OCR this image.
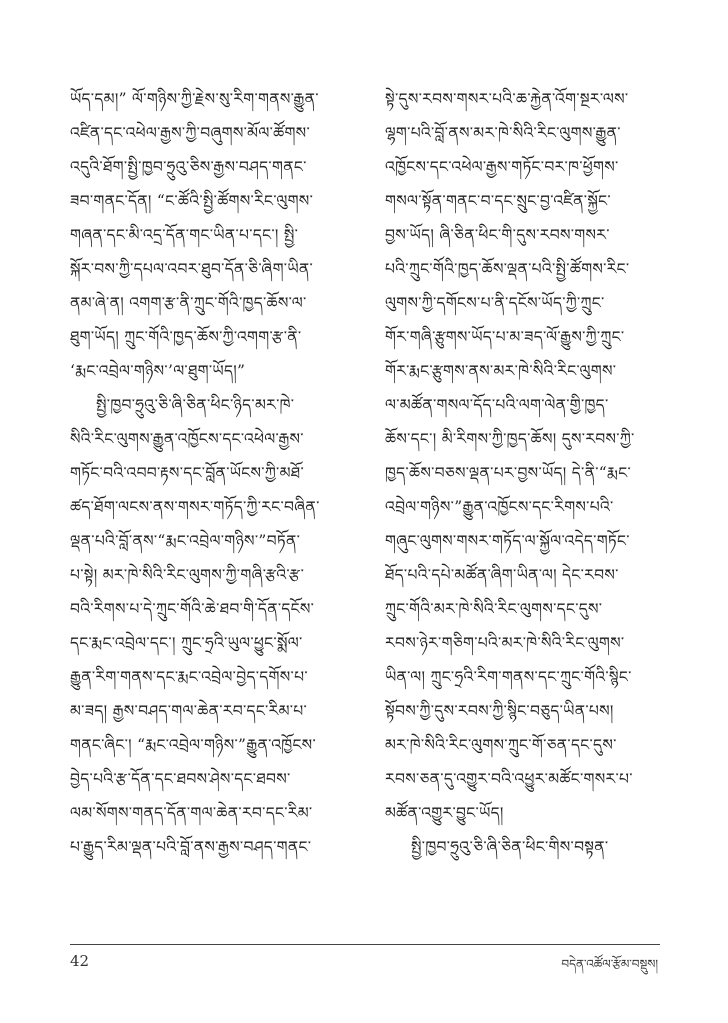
ཡོད་དམ།” ལོ་གཉིས་ཀྱི་རྗེས་སུ་རིག་གནས་རྒྱུན་
འཛིན་དང་འཕེལ་རྒྱས་ཀྱི་བཞུགས་མོལ་ཚོགས་
འདུའི་ཐོག་སྤྱི་ཁྱབ་ཧྲུའུ་ཅིས་རྒྱས་བཤད་གནང་
ཟབ་གནང་དོན། “ང་ཚོའི་སྤྱི་ཚོགས་རིང་ལུགས་
གཞན་དང་མི་འདྲ་དོན་གང་ཡིན་པ་དང་། སྤྱི་
སྐོར་བས་ཀྱི་དཔལ་འབར་ཐུབ་དོན་ཅི་ཞིག་ཡིན་
ནམ་ཞེ་ན། འགག་རྩ་ནི་ཀྲུང་གོའི་ཁྱད་ཆོས་ལ་
ཐུག་ཡོད། ཀྲུང་གོའི་ཁྱད་ཆོས་ཀྱི་འགག་རྩ་ནི་
‘རྨང་འབྲེལ་གཉིས་’ལ་ཐུག་ཡོད།”
སྤྱི་ཁྱབ་ཧྲུའུ་ཅི་ཞི་ཅིན་ཕིང་ཉིད་མར་ཁེ་
སིའི་རིང་ལུགས་རྒྱུན་འཁྱོངས་དང་འཕེལ་རྒྱས་
གཏོང་བའི་འབབ་རྟས་དང་བློན་ཡོངས་ཀྱི་མཐོ་
ཚད་ཐོག་ལངས་ནས་གསར་གཏོད་ཀྱི་རང་བཞིན་
ལྡན་པའི་བློ་ནས་“རྨང་འབྲེལ་གཉིས་”བཏོན་
པ་སྟེ། མར་ཁེ་སིའི་རིང་ལུགས་ཀྱི་གཞི་རྩའི་རྩ་
བའི་རིགས་པ་དེ་ཀྲུང་གོའི་ཆེ་ཐབ་གི་དོན་དངོས་
དང་རྨང་འབྲེལ་དང་། ཀྲུང་ཧྲའི་ཡུལ་ཕྱུང་སྨོལ་
རྒྱུན་རིག་གནས་དང་རྨང་འབྲེལ་བྱེད་དགོས་པ་
མ་ཟད། རྒྱས་བཤད་གལ་ཆེན་རབ་དང་རིམ་པ་
གནང་ཞིང་། “རྨང་འབྲེལ་གཉིས་”རྒྱུན་འཁྱོངས་
བྱེད་པའི་རྩ་དོན་དང་ཐབས་ཤེས་དང་ཐབས་
ལམ་སོགས་གནད་དོན་གལ་ཆེན་རབ་དང་རིམ་
པ་རྒྱུད་རིམ་ལྡན་པའི་བློ་ནས་རྒྱས་བཤད་གནང་
སྟེ་དུས་རབས་གསར་པའི་ཆ་རྐྱེན་འོག་སྔར་ལས་
ལྷག་པའི་བློ་ནས་མར་ཁེ་སིའི་རིང་ལུགས་རྒྱུན་
འཁྱོངས་དང་འཕེལ་རྒྱས་གཏོང་བར་ཁ་ཕྱོགས་
གསལ་སྟོན་གནང་བ་དང་སྲུང་བྱ་འཛིན་སྐྱོང་
བྱས་ཡོད། ཞི་ཅིན་ཕིང་གི་དུས་རབས་གསར་
པའི་ཀྲུང་གོའི་ཁྱད་ཆོས་ལྡན་པའི་སྤྱི་ཚོགས་རིང་
ལུགས་ཀྱི་དགོངས་པ་ནི་དངོས་ཡོད་ཀྱི་ཀྲུང་
གོར་གཞི་རྩུགས་ཡོད་པ་མ་ཟད་ལོ་རྒྱུས་ཀྱི་ཀྲུང་
གོར་རྨང་རྩུགས་ནས་མར་ཁེ་སིའི་རིང་ལུགས་
ལ་མཚོན་གསལ་དོད་པའི་ལག་ལེན་གྱི་ཁྱད་
ཆོས་དང་། མི་རིགས་ཀྱི་ཁྱད་ཆོས། དུས་རབས་ཀྱི་
ཁྱད་ཆོས་བཅས་ལྡན་པར་བྱས་ཡོད། དེ་ནི་“རྨང་
འབྲེལ་གཉིས་”རྒྱུན་འཁྱོངས་དང་རིགས་པའི་
གཞུང་ལུགས་གསར་གཏོད་ལ་སྐྱོལ་འདེད་གཏོང་
ཐོད་པའི་དཔེ་མཚོན་ཞིག་ཡིན་ལ། དེང་རབས་
ཀྲུང་གོའི་མར་ཁེ་སིའི་རིང་ལུགས་དང་དུས་
རབས་ཉེར་གཅིག་པའི་མར་ཁེ་སིའི་རིང་ལུགས་
ཡིན་ལ། ཀྲུང་ཧྲའི་རིག་གནས་དང་ཀྲུང་གོའི་སྙིང་
སྟོབས་ཀྱི་དུས་རབས་ཀྱི་སྙིང་བཅུད་ཡིན་པས།
མར་ཁེ་སིའི་རིང་ལུགས་ཀྲུང་གོ་ཅན་དང་དུས་
རབས་ཅན་དུ་འགྱུར་བའི་འཕྱུར་མཚོང་གསར་པ་
མཚོན་འགྱུར་བྱུང་ཡོད།
སྤྱི་ཁྱབ་ཧྲུའུ་ཅི་ཞི་ཅིན་ཕིང་གིས་བསྟན་
42	བདེན་འཚོལ་རྩོམ་བསྡུས།
